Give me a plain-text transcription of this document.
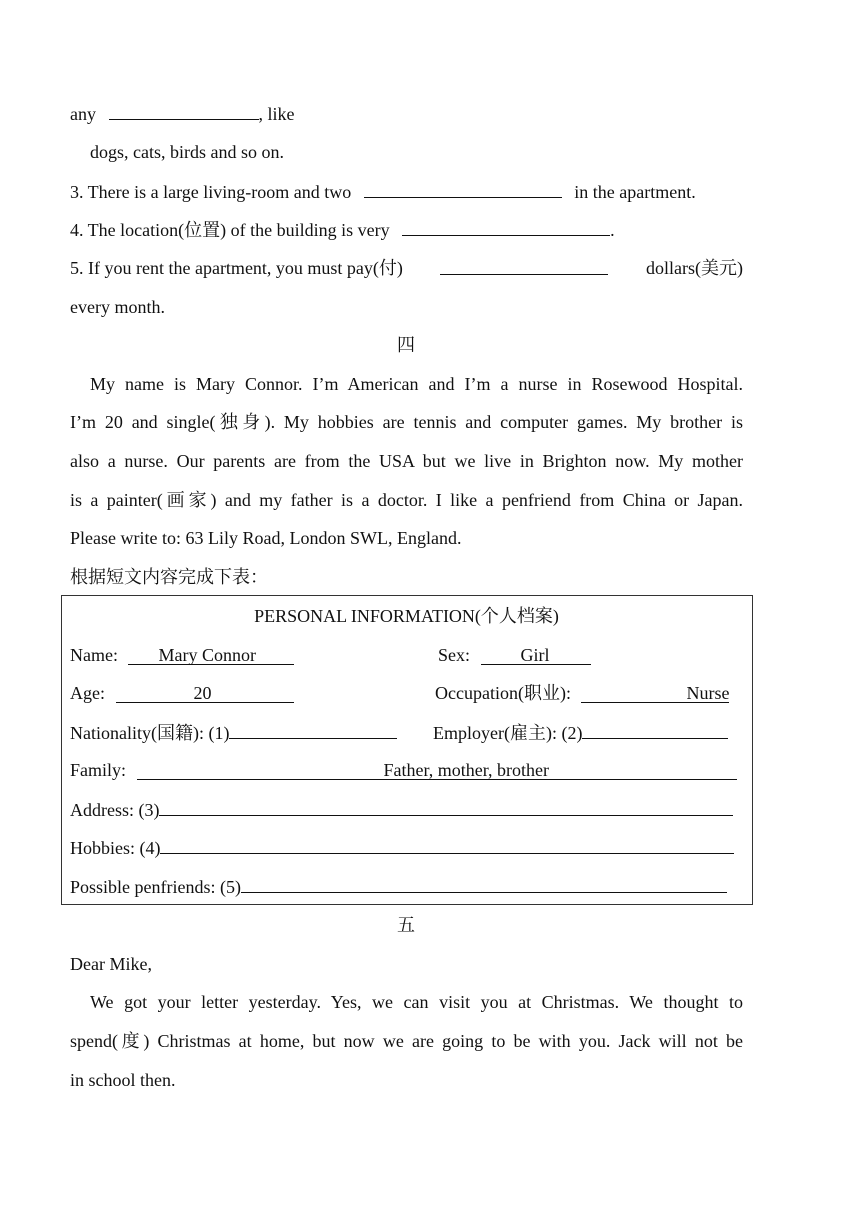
any	, like
dogs, cats, birds and so on.
3. There is a large living-room and two	in the apartment.
4. The location(位置) of the building is very	.
5. If you rent the apartment, you must pay(付)	dollars(美元)
every month.
四
My name is Mary Connor. I’m American and I’m a nurse in Rosewood Hospital.
I’m 20 and single(独身). My hobbies are tennis and computer games. My brother is
also a nurse. Our parents are from the USA but we live in Brighton now. My mother
is a painter(画家) and my father is a doctor. I like a penfriend from China or Japan.
Please write to: 63 Lily Road, London SWL, England.
根据短文内容完成下表：
PERSONAL INFORMATION(个人档案)
Name: Mary Connor	Sex:	Girl
Age:	20	Occupation(职业):	Nurse
Nationality(国籍): (1)	Employer(雇主): (2)
Family:	Father, mother, brother
Address: (3)
Hobbies: (4)
Possible penfriends: (5)
五
Dear Mike,
We got your letter yesterday. Yes, we can visit you at Christmas. We thought to
spend(度) Christmas at home, but now we are going to be with you. Jack will not be
in school then.
